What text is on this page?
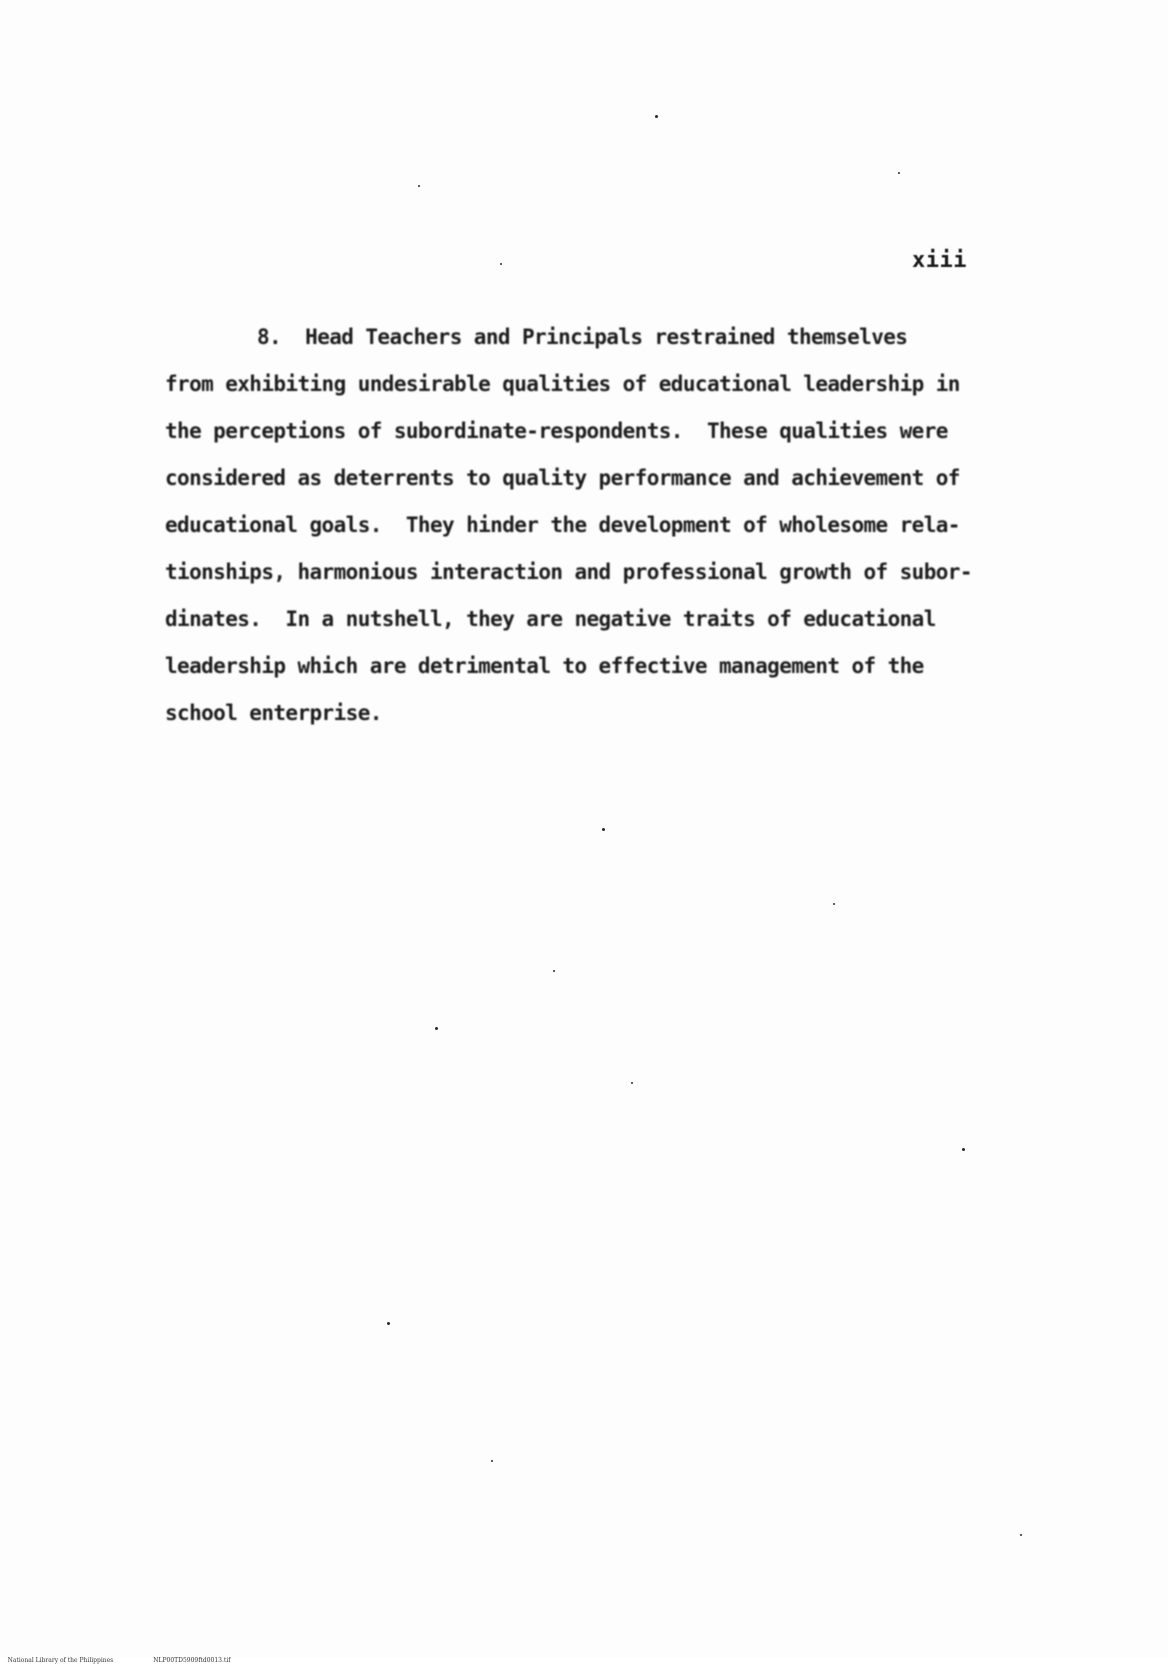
xiii
8.  Head Teachers and Principals restrained themselves
from exhibiting undesirable qualities of educational leadership in
the perceptions of subordinate-respondents.  These qualities were
considered as deterrents to quality performance and achievement of
educational goals.  They hinder the development of wholesome rela-
tionships, harmonious interaction and professional growth of subor-
dinates.  In a nutshell, they are negative traits of educational
leadership which are detrimental to effective management of the
school enterprise.

National Library of the Philippines	NLP00TD5909ftd0013.tif
